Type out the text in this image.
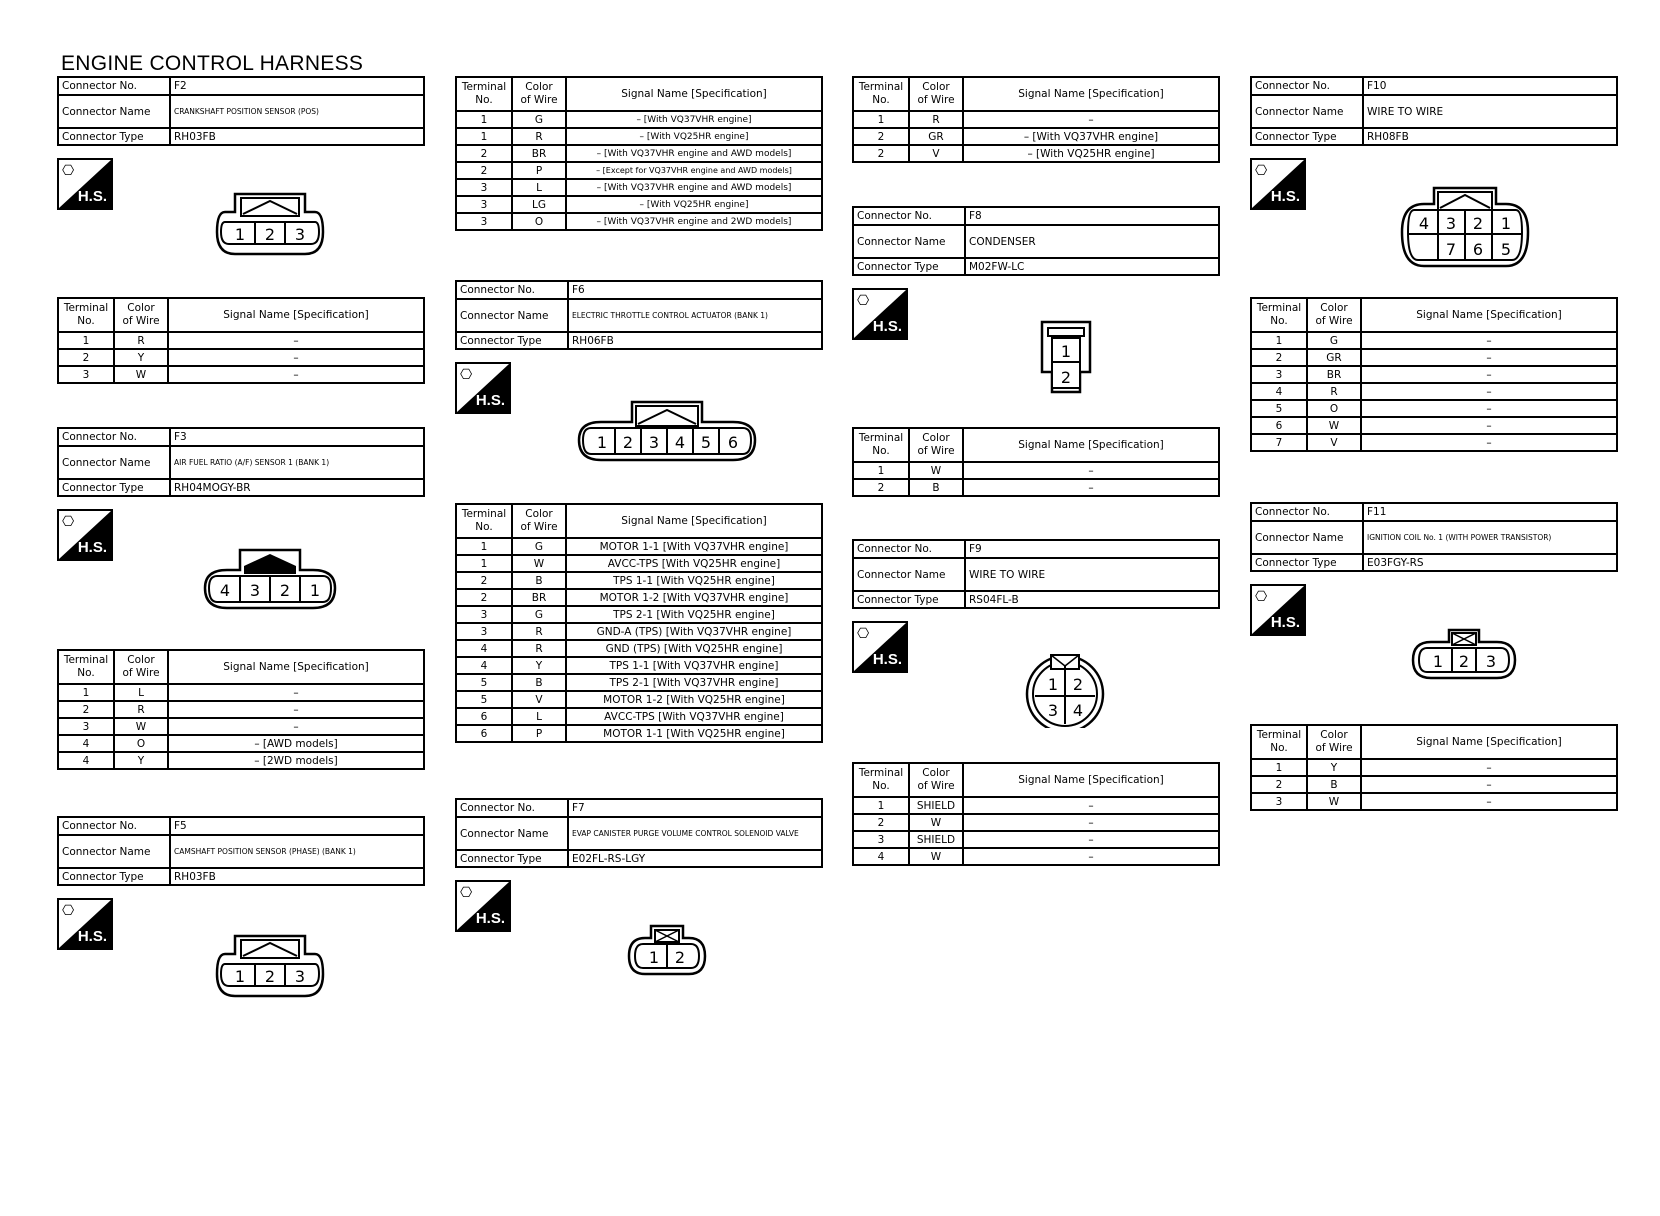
ENGINE CONTROL HARNESS
Connector No.	F2
Connector Name	CRANKSHAFT POSITION SENSOR (POS)
Connector Type	RH03FB
⎔
H.S.
1 2 3
Terminal
No.	Color
of Wire	Signal Name [Specification]
1	R	–
2	Y	–
3	W	–
Connector No.	F3
Connector Name	AIR FUEL RATIO (A/F) SENSOR 1 (BANK 1)
Connector Type	RH04MOGY-BR
⎔
H.S.
4 3 2 1
Terminal
No.	Color
of Wire	Signal Name [Specification]
1	L	–
2	R	–
3	W	–
4	O	– [AWD models]
4	Y	– [2WD models]
Connector No.	F5
Connector Name	CAMSHAFT POSITION SENSOR (PHASE) (BANK 1)
Connector Type	RH03FB
⎔
H.S.
1 2 3
Terminal
No.	Color
of Wire	Signal Name [Specification]
1	G	– [With VQ37VHR engine]
1	R	– [With VQ25HR engine]
2	BR	– [With VQ37VHR engine and AWD models]
2	P	– [Except for VQ37VHR engine and AWD models]
3	L	– [With VQ37VHR engine and AWD models]
3	LG	– [With VQ25HR engine]
3	O	– [With VQ37VHR engine and 2WD models]
Connector No.	F6
Connector Name	ELECTRIC THROTTLE CONTROL ACTUATOR (BANK 1)
Connector Type	RH06FB
⎔
H.S.
1 2 3 4 5 6
Terminal
No.	Color
of Wire	Signal Name [Specification]
1	G	MOTOR 1-1 [With VQ37VHR engine]
1	W	AVCC-TPS [With VQ25HR engine]
2	B	TPS 1-1 [With VQ25HR engine]
2	BR	MOTOR 1-2 [With VQ37VHR engine]
3	G	TPS 2-1 [With VQ25HR engine]
3	R	GND-A (TPS) [With VQ37VHR engine]
4	R	GND (TPS) [With VQ25HR engine]
4	Y	TPS 1-1 [With VQ37VHR engine]
5	B	TPS 2-1 [With VQ37VHR engine]
5	V	MOTOR 1-2 [With VQ25HR engine]
6	L	AVCC-TPS [With VQ37VHR engine]
6	P	MOTOR 1-1 [With VQ25HR engine]
Connector No.	F7
Connector Name	EVAP CANISTER PURGE VOLUME CONTROL SOLENOID VALVE
Connector Type	E02FL-RS-LGY
⎔
H.S.
1 2
Terminal
No.	Color
of Wire	Signal Name [Specification]
1	R	–
2	GR	– [With VQ37VHR engine]
2	V	– [With VQ25HR engine]
Connector No.	F8
Connector Name	CONDENSER
Connector Type	M02FW-LC
⎔
H.S.
1
2
Terminal
No.	Color
of Wire	Signal Name [Specification]
1	W	–
2	B	–
Connector No.	F9
Connector Name	WIRE TO WIRE
Connector Type	RS04FL-B
⎔
H.S.
1 2
3 4
Terminal
No.	Color
of Wire	Signal Name [Specification]
1	SHIELD	–
2	W	–
3	SHIELD	–
4	W	–
Connector No.	F10
Connector Name	WIRE TO WIRE
Connector Type	RH08FB
⎔
H.S.
4 3 2 1
7 6 5
Terminal
No.	Color
of Wire	Signal Name [Specification]
1	G	–
2	GR	–
3	BR	–
4	R	–
5	O	–
6	W	–
7	V	–
Connector No.	F11
Connector Name	IGNITION COIL No. 1 (WITH POWER TRANSISTOR)
Connector Type	E03FGY-RS
⎔
H.S.
1 2 3
Terminal
No.	Color
of Wire	Signal Name [Specification]
1	Y	–
2	B	–
3	W	–
